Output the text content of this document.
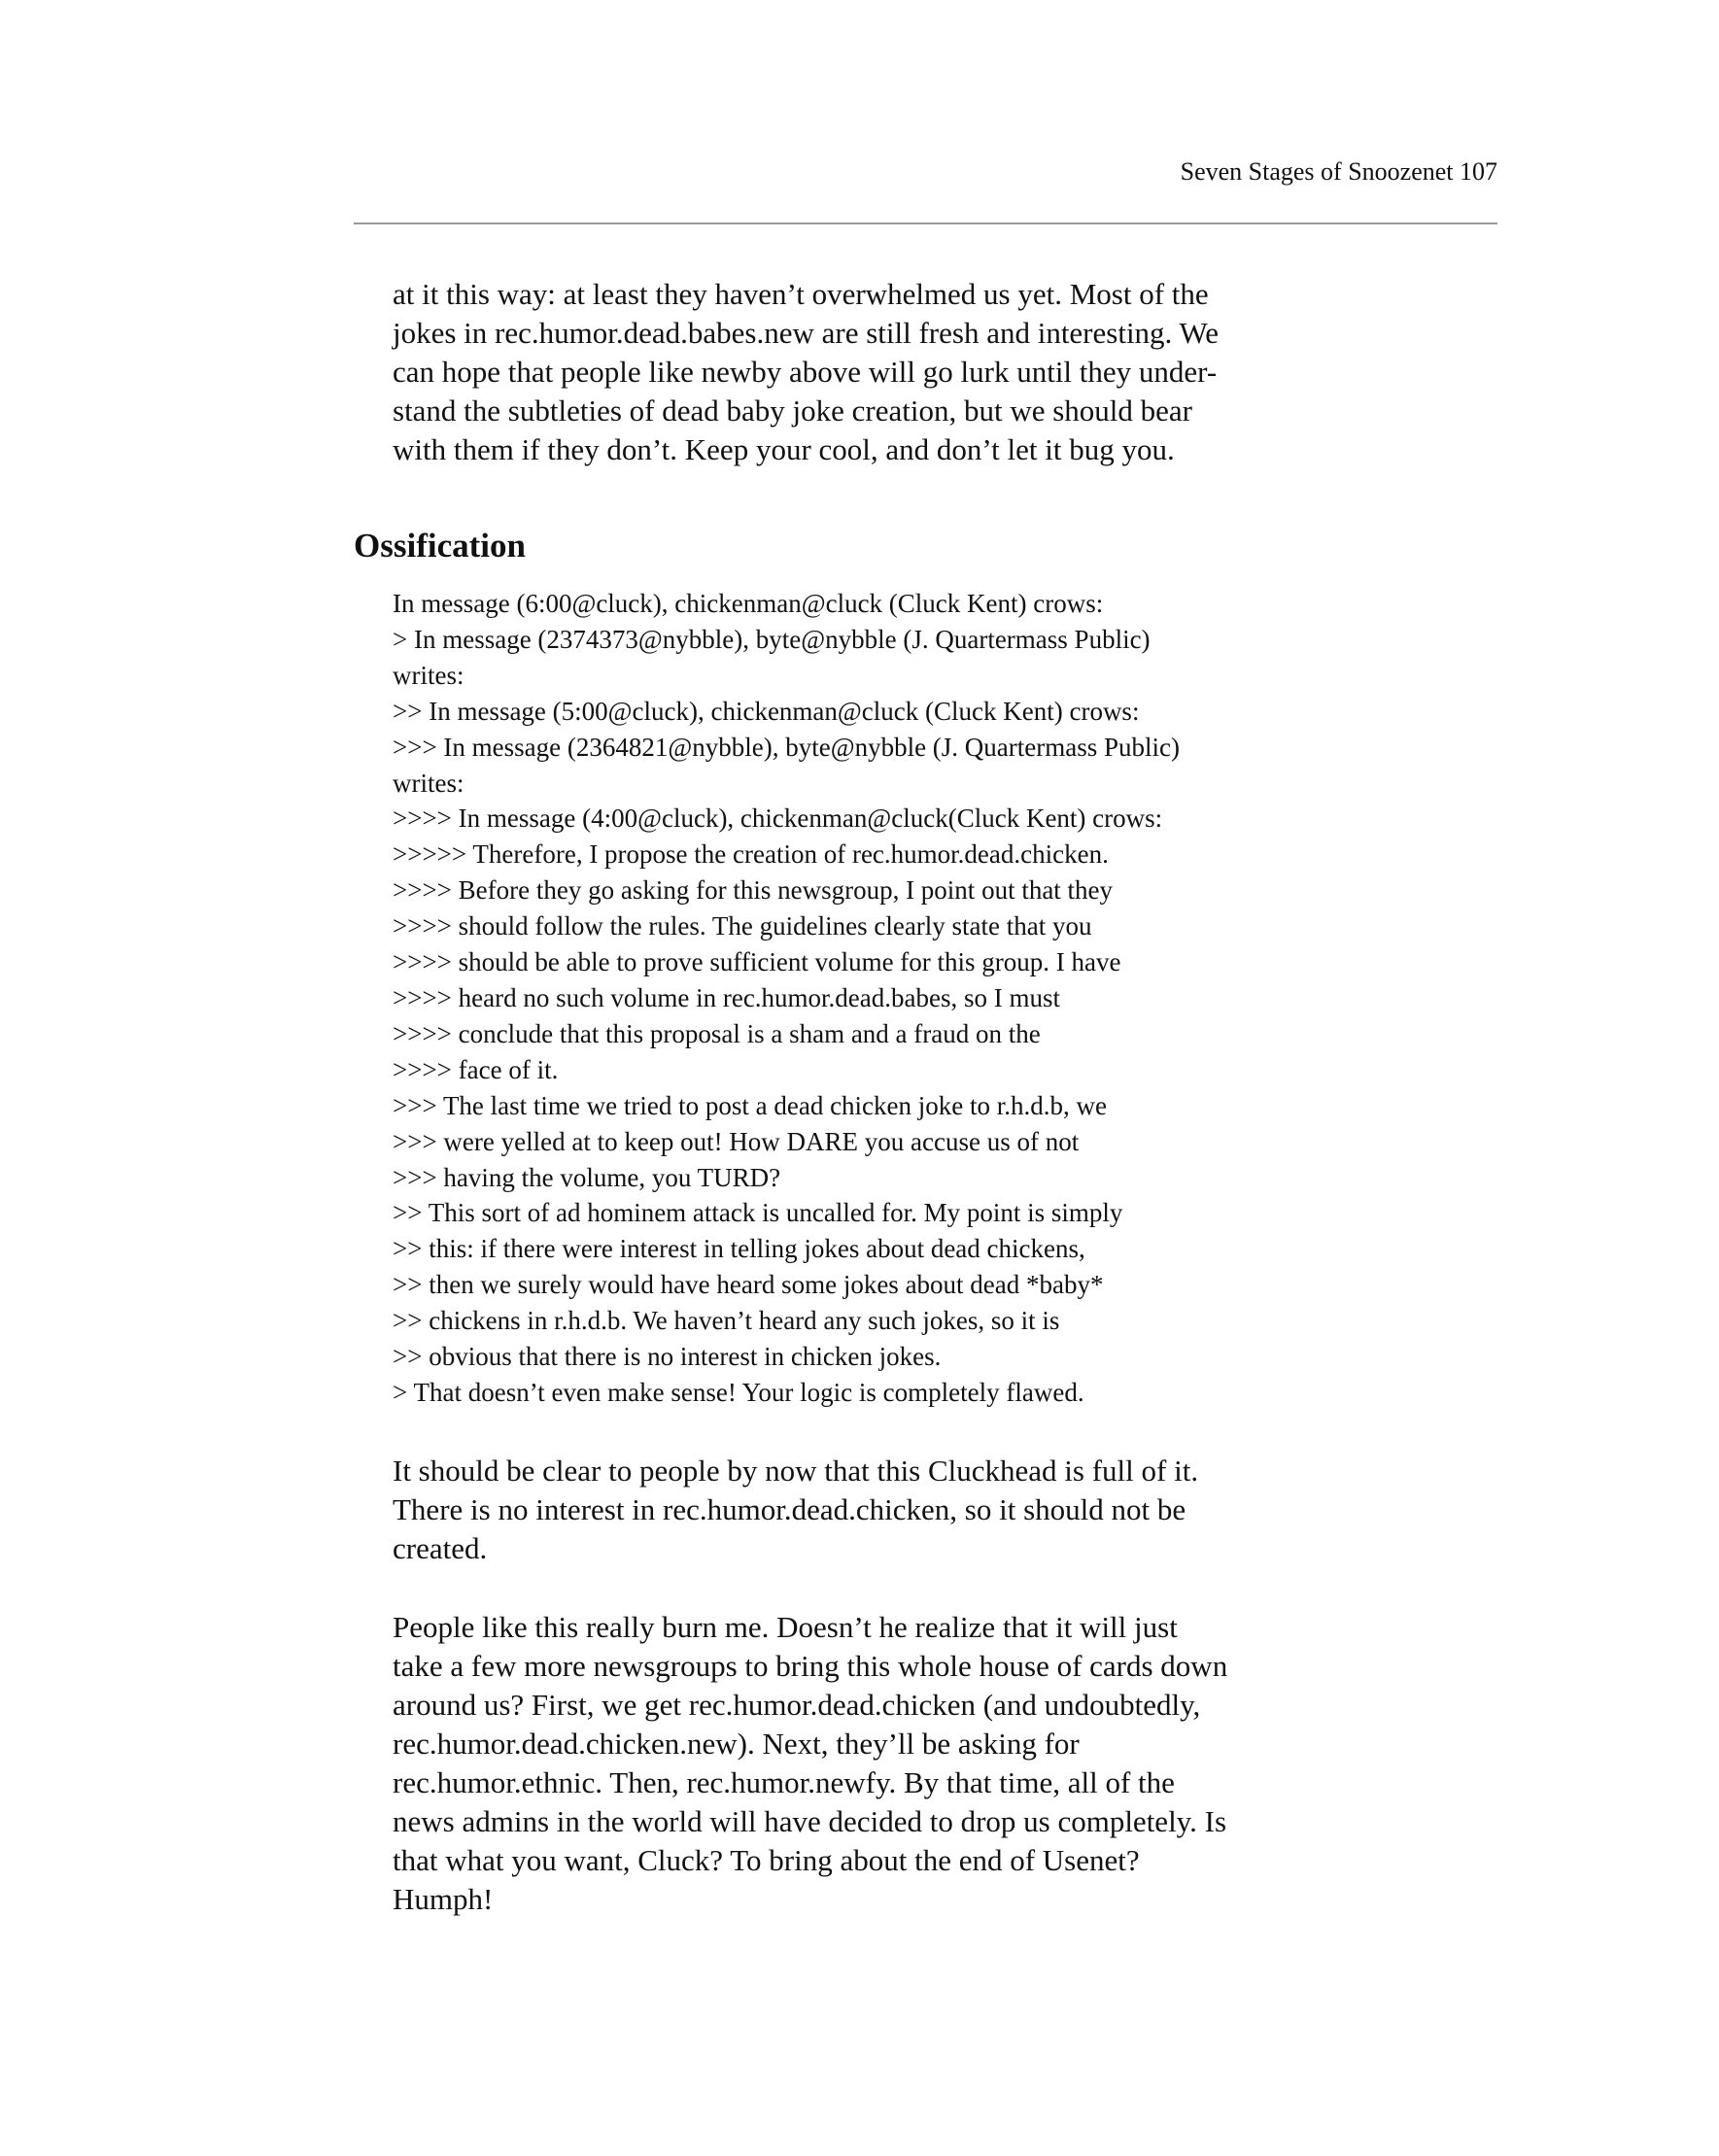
Seven Stages of Snoozenet 107
at it this way: at least they haven’t overwhelmed us yet. Most of the
jokes in rec.humor.dead.babes.new are still fresh and interesting. We
can hope that people like newby above will go lurk until they under-
stand the subtleties of dead baby joke creation, but we should bear
with them if they don’t. Keep your cool, and don’t let it bug you.
Ossification
In message (6:00@cluck), chickenman@cluck (Cluck Kent) crows:
> In message (2374373@nybble), byte@nybble (J. Quartermass Public)
writes:
>> In message (5:00@cluck), chickenman@cluck (Cluck Kent) crows:
>>> In message (2364821@nybble), byte@nybble (J. Quartermass Public)
writes:
>>>> In message (4:00@cluck), chickenman@cluck(Cluck Kent) crows:
>>>>> Therefore, I propose the creation of rec.humor.dead.chicken.
>>>> Before they go asking for this newsgroup, I point out that they
>>>> should follow the rules. The guidelines clearly state that you
>>>> should be able to prove sufficient volume for this group. I have
>>>> heard no such volume in rec.humor.dead.babes, so I must
>>>> conclude that this proposal is a sham and a fraud on the
>>>> face of it.
>>> The last time we tried to post a dead chicken joke to r.h.d.b, we
>>> were yelled at to keep out! How DARE you accuse us of not
>>> having the volume, you TURD?
>> This sort of ad hominem attack is uncalled for. My point is simply
>> this: if there were interest in telling jokes about dead chickens,
>> then we surely would have heard some jokes about dead *baby*
>> chickens in r.h.d.b. We haven’t heard any such jokes, so it is
>> obvious that there is no interest in chicken jokes.
> That doesn’t even make sense! Your logic is completely flawed.
It should be clear to people by now that this Cluckhead is full of it.
There is no interest in rec.humor.dead.chicken, so it should not be
created.
People like this really burn me. Doesn’t he realize that it will just
take a few more newsgroups to bring this whole house of cards down
around us? First, we get rec.humor.dead.chicken (and undoubtedly,
rec.humor.dead.chicken.new). Next, they’ll be asking for
rec.humor.ethnic. Then, rec.humor.newfy. By that time, all of the
news admins in the world will have decided to drop us completely. Is
that what you want, Cluck? To bring about the end of Usenet?
Humph!
